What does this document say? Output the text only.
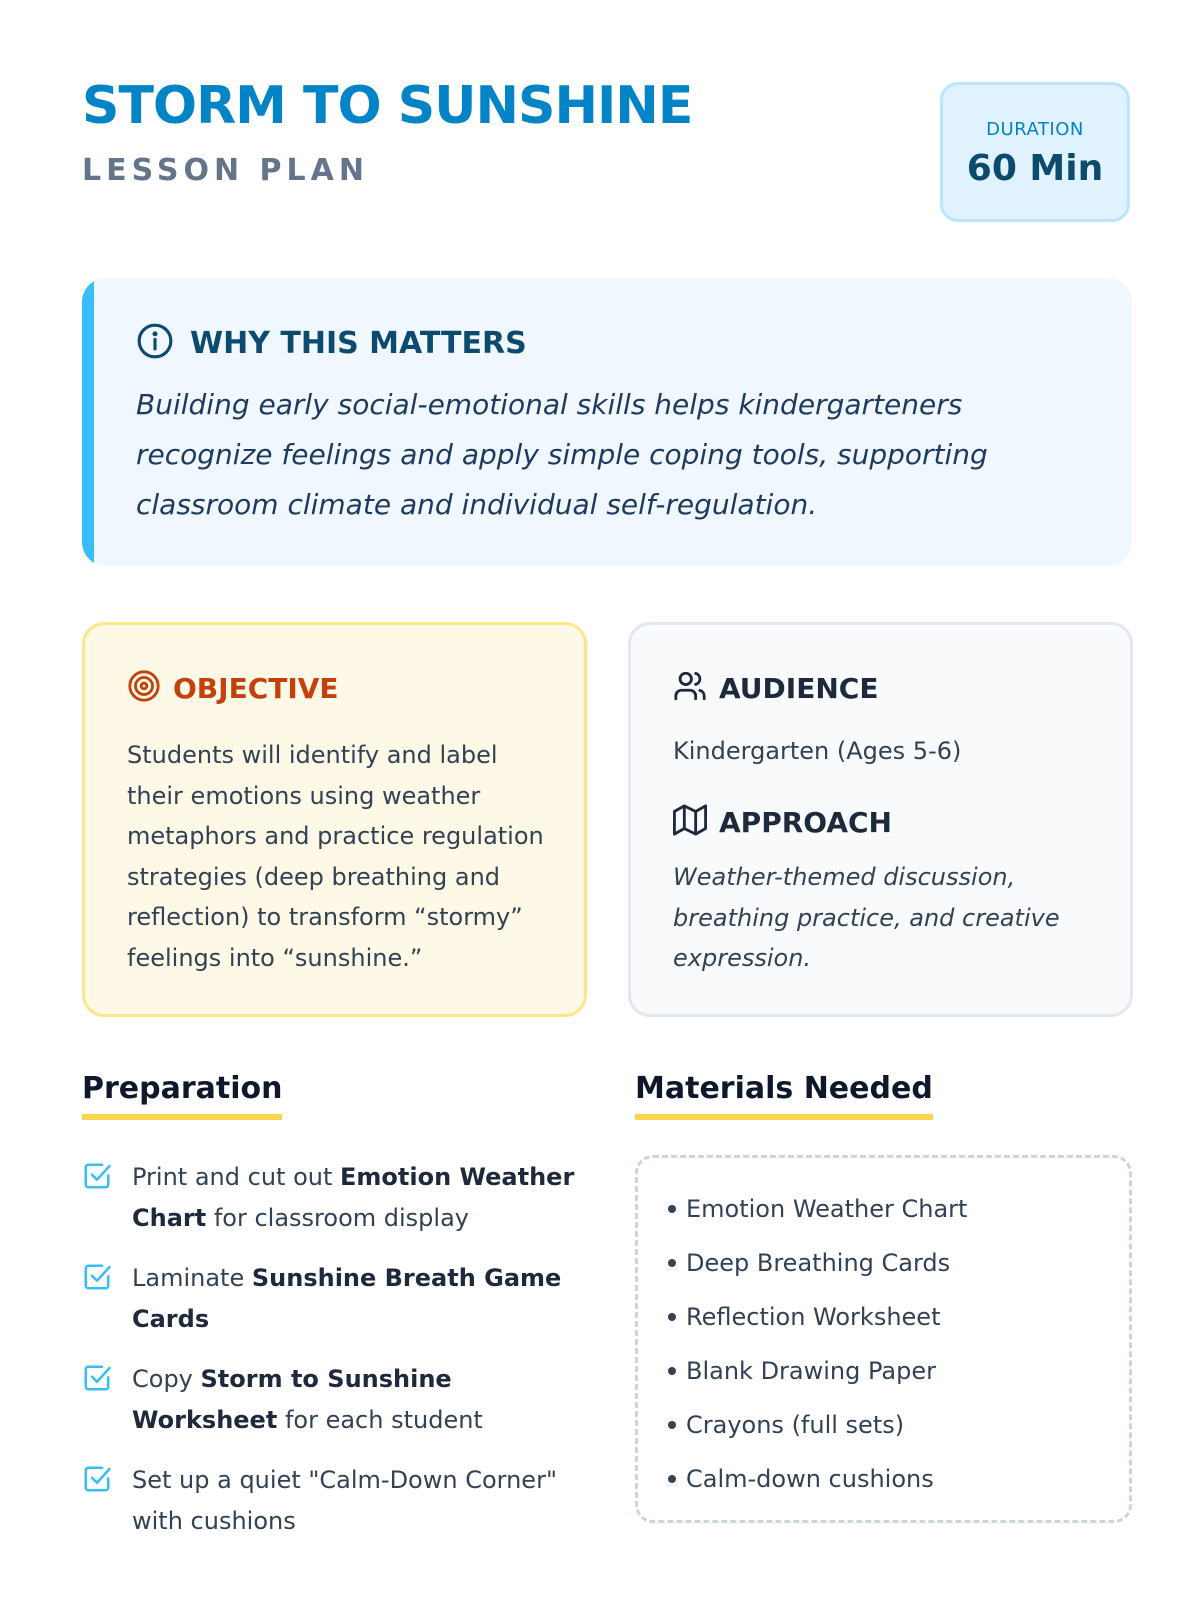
STORM TO SUNSHINE
LESSON PLAN
DURATION
60 Min
WHY THIS MATTERS
Building early social-emotional skills helps kindergarteners recognize feelings and apply simple coping tools, supporting classroom climate and individual self-regulation.
OBJECTIVE
Students will identify and label their emotions using weather metaphors and practice regulation strategies (deep breathing and reflection) to transform “stormy” feelings into “sunshine.”
AUDIENCE
Kindergarten (Ages 5-6)
APPROACH
Weather-themed discussion, breathing practice, and creative expression.
Preparation
Print and cut out Emotion Weather Chart for classroom display
Laminate Sunshine Breath Game Cards
Copy Storm to Sunshine Worksheet for each student
Set up a quiet "Calm-Down Corner" with cushions
Materials Needed
Emotion Weather Chart
Deep Breathing Cards
Reflection Worksheet
Blank Drawing Paper
Crayons (full sets)
Calm-down cushions
